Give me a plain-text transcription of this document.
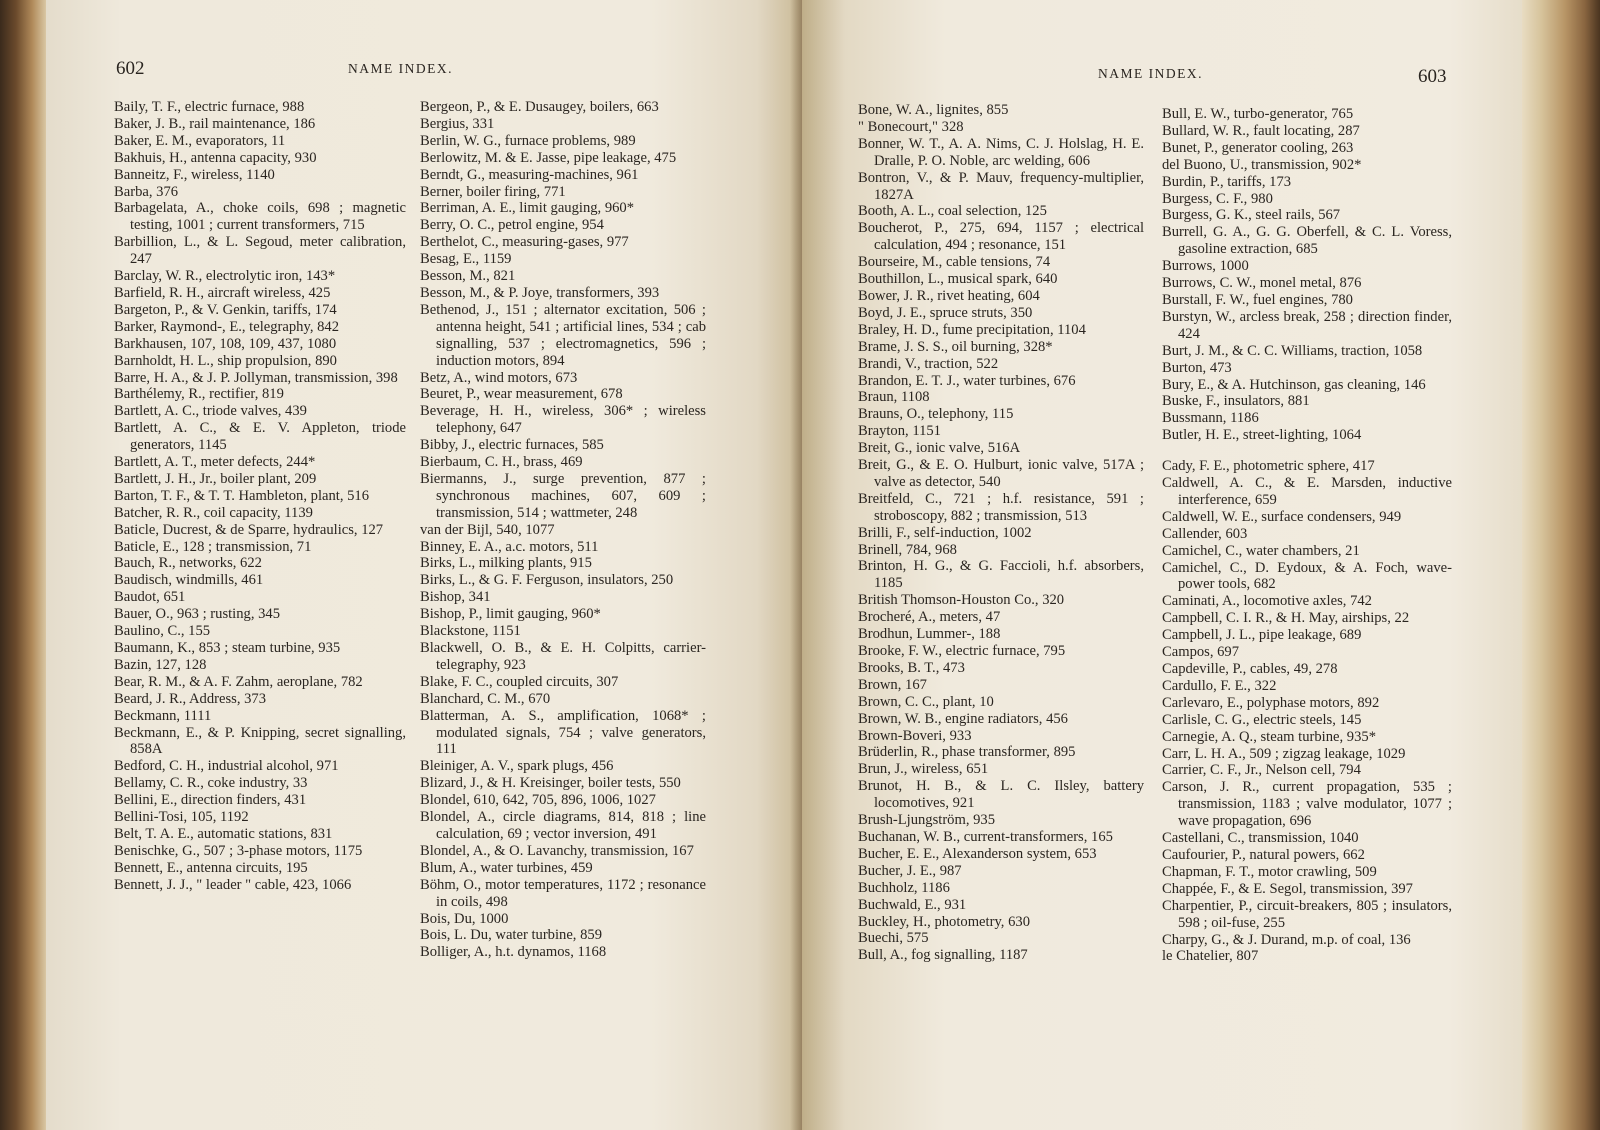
602	NAME INDEX.

Baily, T. F., electric furnace, 988

Baker, J. B., rail maintenance, 186

Baker, E. M., evaporators, 11

Bakhuis, H., antenna capacity, 930

Banneitz, F., wireless, 1140

Barba, 376

Barbagelata, A., choke coils, 698 ; magnetic testing, 1001 ; current transformers, 715

Barbillion, L., & L. Segoud, meter calibration, 247

Barclay, W. R., electrolytic iron, 143*

Barfield, R. H., aircraft wireless, 425

Bargeton, P., & V. Genkin, tariffs, 174

Barker, Raymond-, E., telegraphy, 842

Barkhausen, 107, 108, 109, 437, 1080

Barnholdt, H. L., ship propulsion, 890

Barre, H. A., & J. P. Jollyman, transmission, 398

Barthélemy, R., rectifier, 819

Bartlett, A. C., triode valves, 439

Bartlett, A. C., & E. V. Appleton, triode generators, 1145

Bartlett, A. T., meter defects, 244*

Bartlett, J. H., Jr., boiler plant, 209

Barton, T. F., & T. T. Hambleton, plant, 516

Batcher, R. R., coil capacity, 1139

Baticle, Ducrest, & de Sparre, hydraulics, 127

Baticle, E., 128 ; transmission, 71

Bauch, R., networks, 622

Baudisch, windmills, 461

Baudot, 651

Bauer, O., 963 ; rusting, 345

Baulino, C., 155

Baumann, K., 853 ; steam turbine, 935

Bazin, 127, 128

Bear, R. M., & A. F. Zahm, aeroplane, 782

Beard, J. R., Address, 373

Beckmann, 1111

Beckmann, E., & P. Knipping, secret signalling, 858A

Bedford, C. H., industrial alcohol, 971

Bellamy, C. R., coke industry, 33

Bellini, E., direction finders, 431

Bellini-Tosi, 105, 1192

Belt, T. A. E., automatic stations, 831

Benischke, G., 507 ; 3-phase motors, 1175

Bennett, E., antenna circuits, 195

Bennett, J. J., " leader " cable, 423, 1066

Bergeon, P., & E. Dusaugey, boilers, 663

Bergius, 331

Berlin, W. G., furnace problems, 989

Berlowitz, M. & E. Jasse, pipe leakage, 475

Berndt, G., measuring-machines, 961

Berner, boiler firing, 771

Berriman, A. E., limit gauging, 960*

Berry, O. C., petrol engine, 954

Berthelot, C., measuring-gases, 977

Besag, E., 1159

Besson, M., 821

Besson, M., & P. Joye, transformers, 393

Bethenod, J., 151 ; alternator excitation, 506 ; antenna height, 541 ; artificial lines, 534 ; cab signalling, 537 ; electromagnetics, 596 ; induction motors, 894

Betz, A., wind motors, 673

Beuret, P., wear measurement, 678

Beverage, H. H., wireless, 306* ; wireless telephony, 647

Bibby, J., electric furnaces, 585

Bierbaum, C. H., brass, 469

Biermanns, J., surge prevention, 877 ; synchronous machines, 607, 609 ; transmission, 514 ; wattmeter, 248

van der Bijl, 540, 1077

Binney, E. A., a.c. motors, 511

Birks, L., milking plants, 915

Birks, L., & G. F. Ferguson, insulators, 250

Bishop, 341

Bishop, P., limit gauging, 960*

Blackstone, 1151

Blackwell, O. B., & E. H. Colpitts, carrier-telegraphy, 923

Blake, F. C., coupled circuits, 307

Blanchard, C. M., 670

Blatterman, A. S., amplification, 1068* ; modulated signals, 754 ; valve generators, 111

Bleiniger, A. V., spark plugs, 456

Blizard, J., & H. Kreisinger, boiler tests, 550

Blondel, 610, 642, 705, 896, 1006, 1027

Blondel, A., circle diagrams, 814, 818 ; line calculation, 69 ; vector inversion, 491

Blondel, A., & O. Lavanchy, transmission, 167

Blum, A., water turbines, 459

Böhm, O., motor temperatures, 1172 ; resonance in coils, 498

Bois, Du, 1000

Bois, L. Du, water turbine, 859

Bolliger, A., h.t. dynamos, 1168

NAME INDEX.	603

Bone, W. A., lignites, 855

" Bonecourt," 328

Bonner, W. T., A. A. Nims, C. J. Holslag, H. E. Dralle, P. O. Noble, arc welding, 606

Bontron, V., & P. Mauv, frequency-multiplier, 1827A

Booth, A. L., coal selection, 125

Boucherot, P., 275, 694, 1157 ; electrical calculation, 494 ; resonance, 151

Bourseire, M., cable tensions, 74

Bouthillon, L., musical spark, 640

Bower, J. R., rivet heating, 604

Boyd, J. E., spruce struts, 350

Braley, H. D., fume precipitation, 1104

Brame, J. S. S., oil burning, 328*

Brandi, V., traction, 522

Brandon, E. T. J., water turbines, 676

Braun, 1108

Brauns, O., telephony, 115

Brayton, 1151

Breit, G., ionic valve, 516A

Breit, G., & E. O. Hulburt, ionic valve, 517A ; valve as detector, 540

Breitfeld, C., 721 ; h.f. resistance, 591 ; stroboscopy, 882 ; transmission, 513

Brilli, F., self-induction, 1002

Brinell, 784, 968

Brinton, H. G., & G. Faccioli, h.f. absorbers, 1185

British Thomson-Houston Co., 320

Brocheré, A., meters, 47

Brodhun, Lummer-, 188

Brooke, F. W., electric furnace, 795

Brooks, B. T., 473

Brown, 167

Brown, C. C., plant, 10

Brown, W. B., engine radiators, 456

Brown-Boveri, 933

Brüderlin, R., phase transformer, 895

Brun, J., wireless, 651

Brunot, H. B., & L. C. Ilsley, battery locomotives, 921

Brush-Ljungström, 935

Buchanan, W. B., current-transformers, 165

Bucher, E. E., Alexanderson system, 653

Bucher, J. E., 987

Buchholz, 1186

Buchwald, E., 931

Buckley, H., photometry, 630

Buechi, 575

Bull, A., fog signalling, 1187

Bull, E. W., turbo-generator, 765

Bullard, W. R., fault locating, 287

Bunet, P., generator cooling, 263

del Buono, U., transmission, 902*

Burdin, P., tariffs, 173

Burgess, C. F., 980

Burgess, G. K., steel rails, 567

Burrell, G. A., G. G. Oberfell, & C. L. Voress, gasoline extraction, 685

Burrows, 1000

Burrows, C. W., monel metal, 876

Burstall, F. W., fuel engines, 780

Burstyn, W., arcless break, 258 ; direction finder, 424

Burt, J. M., & C. C. Williams, traction, 1058

Burton, 473

Bury, E., & A. Hutchinson, gas cleaning, 146

Buske, F., insulators, 881

Bussmann, 1186

Butler, H. E., street-lighting, 1064

Cady, F. E., photometric sphere, 417

Caldwell, A. C., & E. Marsden, inductive interference, 659

Caldwell, W. E., surface condensers, 949

Callender, 603

Camichel, C., water chambers, 21

Camichel, C., D. Eydoux, & A. Foch, wave-power tools, 682

Caminati, A., locomotive axles, 742

Campbell, C. I. R., & H. May, airships, 22

Campbell, J. L., pipe leakage, 689

Campos, 697

Capdeville, P., cables, 49, 278

Cardullo, F. E., 322

Carlevaro, E., polyphase motors, 892

Carlisle, C. G., electric steels, 145

Carnegie, A. Q., steam turbine, 935*

Carr, L. H. A., 509 ; zigzag leakage, 1029

Carrier, C. F., Jr., Nelson cell, 794

Carson, J. R., current propagation, 535 ; transmission, 1183 ; valve modulator, 1077 ; wave propagation, 696

Castellani, C., transmission, 1040

Caufourier, P., natural powers, 662

Chapman, F. T., motor crawling, 509

Chappée, F., & E. Segol, transmission, 397

Charpentier, P., circuit-breakers, 805 ; insulators, 598 ; oil-fuse, 255

Charpy, G., & J. Durand, m.p. of coal, 136

le Chatelier, 807
